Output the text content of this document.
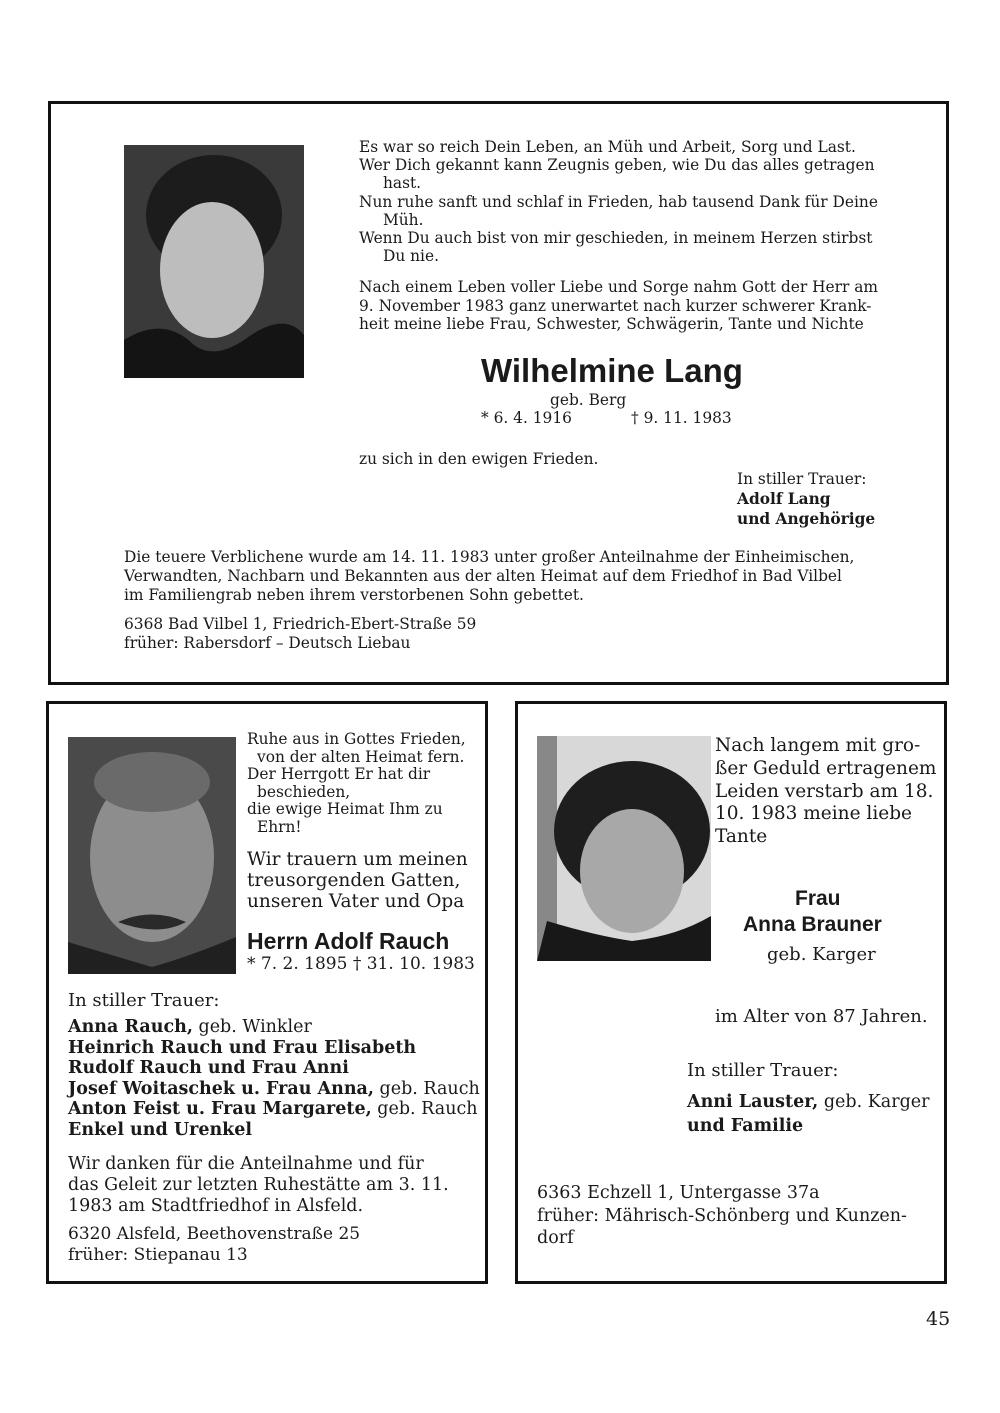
Es war so reich Dein Leben, an Müh und Arbeit, Sorg und Last.

Wer Dich gekannt kann Zeugnis geben, wie Du das alles getragen

hast.

Nun ruhe sanft und schlaf in Frieden, hab tausend Dank für Deine

Müh.

Wenn Du auch bist von mir geschieden, in meinem Herzen stirbst

Du nie.

Nach einem Leben voller Liebe und Sorge nahm Gott der Herr am

9. November 1983 ganz unerwartet nach kurzer schwerer Krank-

heit meine liebe Frau, Schwester, Schwägerin, Tante und Nichte

Wilhelmine Lang
geb. Berg
* 6. 4. 1916	† 9. 11. 1983
zu sich in den ewigen Frieden.

In stiller Trauer:

Adolf Lang

und Angehörige

Die teuere Verblichene wurde am 14. 11. 1983 unter großer Anteilnahme der Einheimischen,

Verwandten, Nachbarn und Bekannten aus der alten Heimat auf dem Friedhof in Bad Vilbel

im Familiengrab neben ihrem verstorbenen Sohn gebettet.

6368 Bad Vilbel 1, Friedrich-Ebert-Straße 59

früher: Rabersdorf – Deutsch Liebau

Ruhe aus in Gottes Frieden,

von der alten Heimat fern.

Der Herrgott Er hat dir

beschieden,

die ewige Heimat Ihm zu

Ehrn!

Wir trauern um meinen

treusorgenden Gatten,

unseren Vater und Opa

Herrn Adolf Rauch
* 7. 2. 1895 † 31. 10. 1983
In stiller Trauer:

Anna Rauch, geb. Winkler

Heinrich Rauch und Frau Elisabeth

Rudolf Rauch und Frau Anni

Josef Woitaschek u. Frau Anna, geb. Rauch

Anton Feist u. Frau Margarete, geb. Rauch

Enkel und Urenkel

Wir danken für die Anteilnahme und für

das Geleit zur letzten Ruhestätte am 3. 11.

1983 am Stadtfriedhof in Alsfeld.

6320 Alsfeld, Beethovenstraße 25

früher: Stiepanau 13

Nach langem mit gro-

ßer Geduld ertragenem

Leiden verstarb am 18.

10. 1983 meine liebe

Tante

Frau
Anna Brauner
geb. Karger
im Alter von 87 Jahren.
In stiller Trauer:

Anni Lauster, geb. Karger

und Familie

6363 Echzell 1, Untergasse 37a

früher: Mährisch-Schönberg und Kunzen-

dorf

45
